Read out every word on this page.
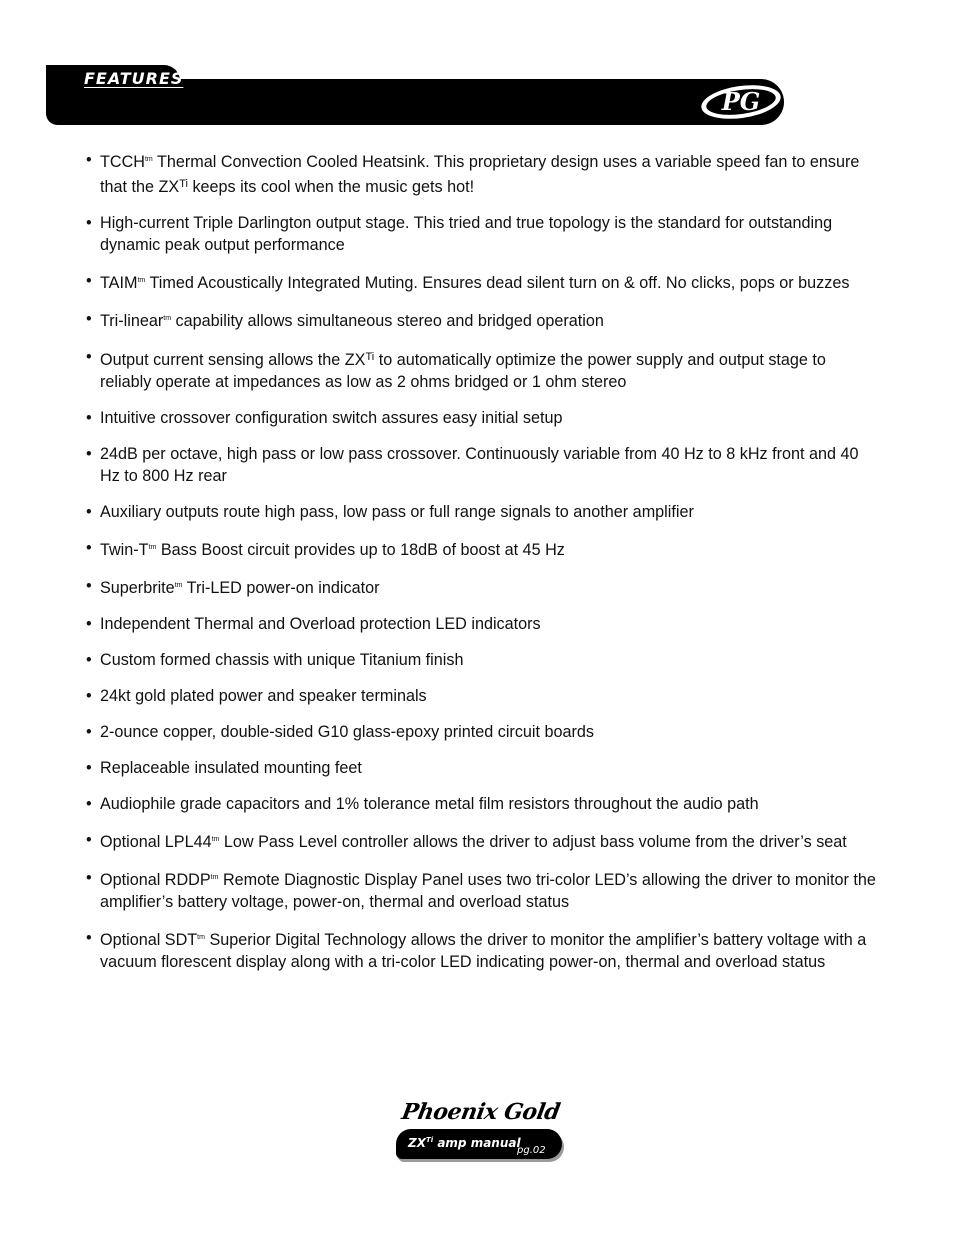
FEATURES
PG
• $TCCH^{tm}$ Thermal Convection Cooled Heatsink. This proprietary design uses a variable speed fan to ensure that the $ZX^{Ti}$ keeps its cool when the music gets hot!
• High-current Triple Darlington output stage. This tried and true topology is the standard for outstanding dynamic peak output performance
• $TAIM^{tm}$ Timed Acoustically Integrated Muting. Ensures dead silent turn on & off. No clicks, pops or buzzes
• Tri-linear$^{tm}$ capability allows simultaneous stereo and bridged operation
• Output current sensing allows the $ZX^{Ti}$ to automatically optimize the power supply and output stage to reliably operate at impedances as low as 2 ohms bridged or 1 ohm stereo
• Intuitive crossover configuration switch assures easy initial setup
• 24dB per octave, high pass or low pass crossover. Continuously variable from 40 Hz to 8 kHz front and 40 Hz to 800 Hz rear
• Auxiliary outputs route high pass, low pass or full range signals to another amplifier
• Twin-$T^{tm}$ Bass Boost circuit provides up to 18dB of boost at 45 Hz
• Superbrite$^{tm}$ Tri-LED power-on indicator
• Independent Thermal and Overload protection LED indicators
• Custom formed chassis with unique Titanium finish
• 24kt gold plated power and speaker terminals
• 2-ounce copper, double-sided G10 glass-epoxy printed circuit boards
• Replaceable insulated mounting feet
• Audiophile grade capacitors and 1% tolerance metal film resistors throughout the audio path
• Optional $LPL44^{tm}$ Low Pass Level controller allows the driver to adjust bass volume from the driver’s seat
• Optional $RDDP^{tm}$ Remote Diagnostic Display Panel uses two tri-color LED’s allowing the driver to monitor the amplifier’s battery voltage, power-on, thermal and overload status
• Optional $SDT^{tm}$ Superior Digital Technology allows the driver to monitor the amplifier’s battery voltage with a vacuum florescent display along with a tri-color LED indicating power-on, thermal and overload status
Phoenix Gold
$ZX^{Ti}$ amp manual
pg.02
